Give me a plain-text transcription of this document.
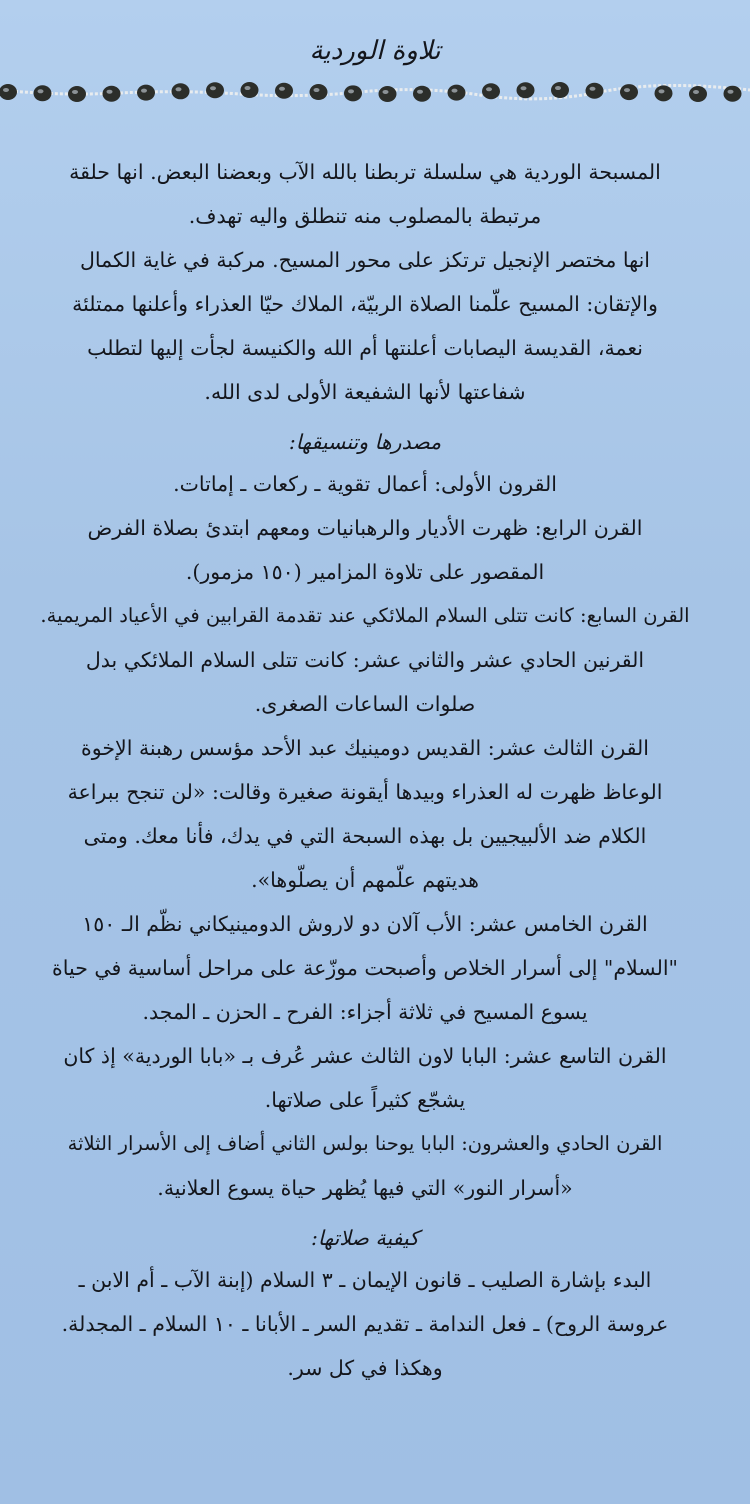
تلاوة الوردية
المسبحة الوردية هي سلسلة تربطنا بالله الآب وبعضنا البعض. انها حلقة
مرتبطة بالمصلوب منه تنطلق واليه تهدف.
انها مختصر الإنجيل ترتكز على محور المسيح. مركبة في غاية الكمال
والإتقان: المسيح علّمنا الصلاة الربيّة، الملاك حيّا العذراء وأعلنها ممتلئة
نعمة، القديسة اليصابات أعلنتها أم الله والكنيسة لجأت إليها لتطلب
شفاعتها لأنها الشفيعة الأولى لدى الله.
مصدرها وتنسيقها:
القرون الأولى: أعمال تقوية ـ ركعات ـ إماتات.
القرن الرابع: ظهرت الأديار والرهبانيات ومعهم ابتدئ بصلاة الفرض
المقصور على تلاوة المزامير (١٥٠ مزمور).
القرن السابع: كانت تتلى السلام الملائكي عند تقدمة القرابين في الأعياد المريمية.
القرنين الحادي عشر والثاني عشر: كانت تتلى السلام الملائكي بدل
صلوات الساعات الصغرى.
القرن الثالث عشر: القديس دومينيك عبد الأحد مؤسس رهبنة الإخوة
الوعاظ ظهرت له العذراء وبيدها أيقونة صغيرة وقالت: «لن تنجح ببراعة
الكلام ضد الألبيجيين بل بهذه السبحة التي في يدك، فأنا معك. ومتى
هديتهم علّمهم أن يصلّوها».
القرن الخامس عشر: الأب آلان دو لاروش الدومينيكاني نظّم الـ ١٥٠
"السلام" إلى أسرار الخلاص وأصبحت موزّعة على مراحل أساسية في حياة
يسوع المسيح في ثلاثة أجزاء: الفرح ـ الحزن ـ المجد.
القرن التاسع عشر: البابا لاون الثالث عشر عُرف بـ «بابا الوردية» إذ كان
يشجّع كثيراً على صلاتها.
القرن الحادي والعشرون: البابا يوحنا بولس الثاني أضاف إلى الأسرار الثلاثة
«أسرار النور» التي فيها يُظهر حياة يسوع العلانية.
كيفية صلاتها:
البدء بإشارة الصليب ـ قانون الإيمان ـ ٣ السلام (إبنة الآب ـ أم الابن ـ
عروسة الروح) ـ فعل الندامة ـ تقديم السر ـ الأبانا ـ ١٠ السلام ـ المجدلة.
وهكذا في كل سر.
